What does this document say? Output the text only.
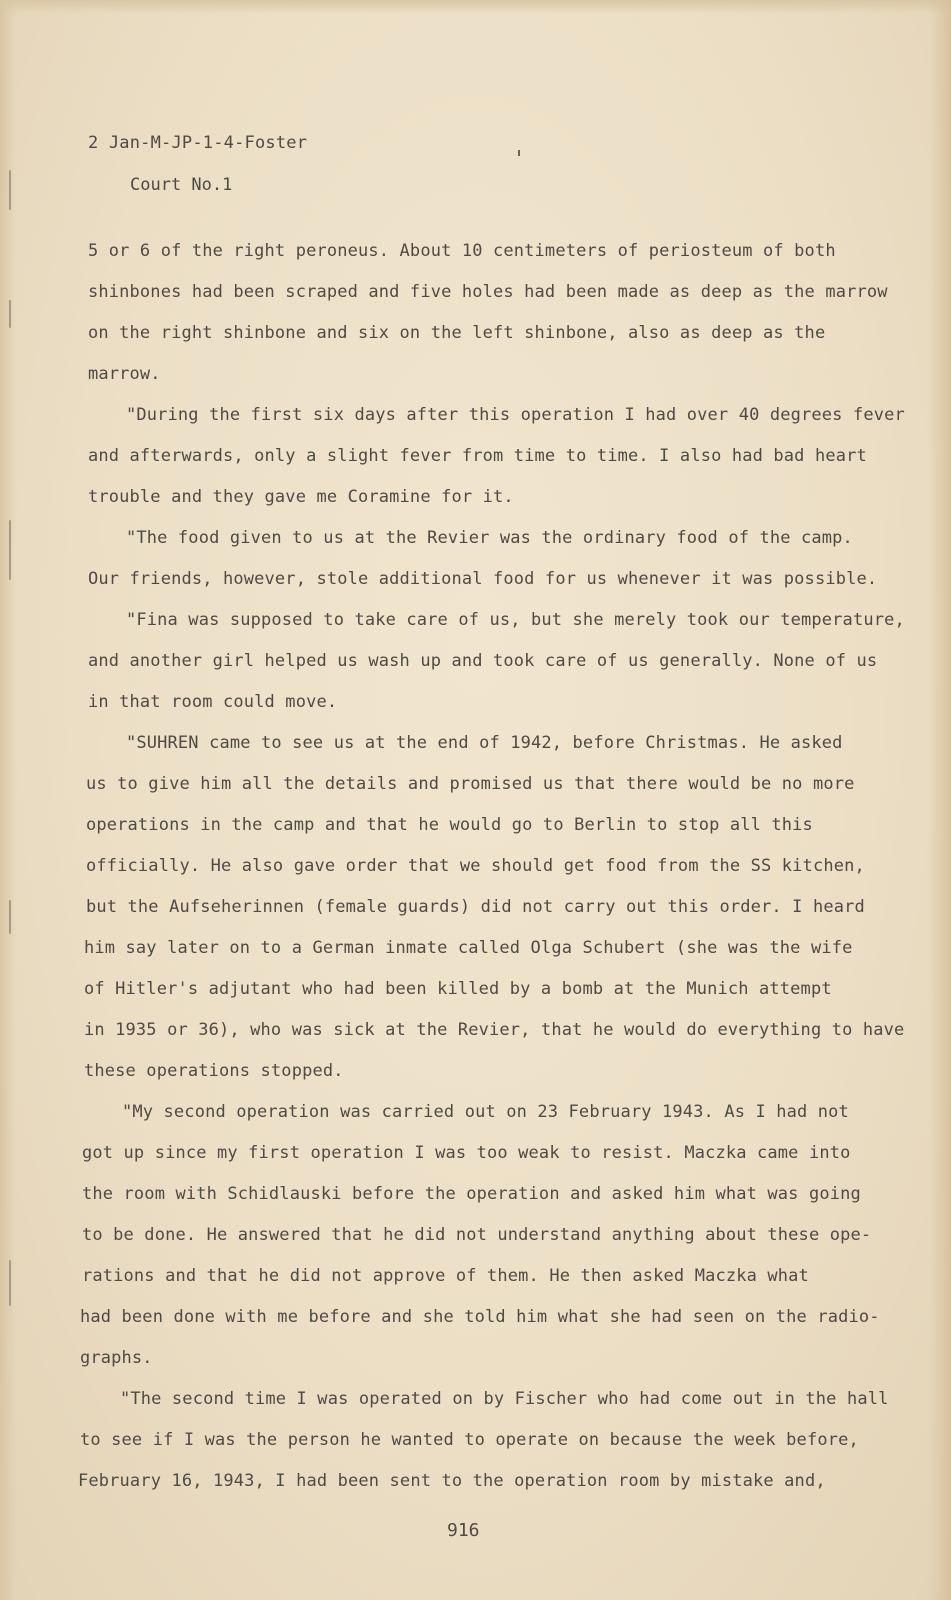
2 Jan-M-JP-1-4-Foster
Court No.1
5 or 6 of the right peroneus. About 10 centimeters of periosteum of both
shinbones had been scraped and five holes had been made as deep as the marrow
on the right shinbone and six on the left shinbone, also as deep as the
marrow.
"During the first six days after this operation I had over 40 degrees fever
and afterwards, only a slight fever from time to time. I also had bad heart
trouble and they gave me Coramine for it.
"The food given to us at the Revier was the ordinary food of the camp.
Our friends, however, stole additional food for us whenever it was possible.
"Fina was supposed to take care of us, but she merely took our temperature,
and another girl helped us wash up and took care of us generally. None of us
in that room could move.
"SUHREN came to see us at the end of 1942, before Christmas. He asked
us to give him all the details and promised us that there would be no more
operations in the camp and that he would go to Berlin to stop all this
officially. He also gave order that we should get food from the SS kitchen,
but the Aufseherinnen (female guards) did not carry out this order. I heard
him say later on to a German inmate called Olga Schubert (she was the wife
of Hitler's adjutant who had been killed by a bomb at the Munich attempt
in 1935 or 36), who was sick at the Revier, that he would do everything to have
these operations stopped.
"My second operation was carried out on 23 February 1943. As I had not
got up since my first operation I was too weak to resist. Maczka came into
the room with Schidlauski before the operation and asked him what was going
to be done. He answered that he did not understand anything about these ope-
rations and that he did not approve of them. He then asked Maczka what
had been done with me before and she told him what she had seen on the radio-
graphs.
"The second time I was operated on by Fischer who had come out in the hall
to see if I was the person he wanted to operate on because the week before,
February 16, 1943, I had been sent to the operation room by mistake and,
916
